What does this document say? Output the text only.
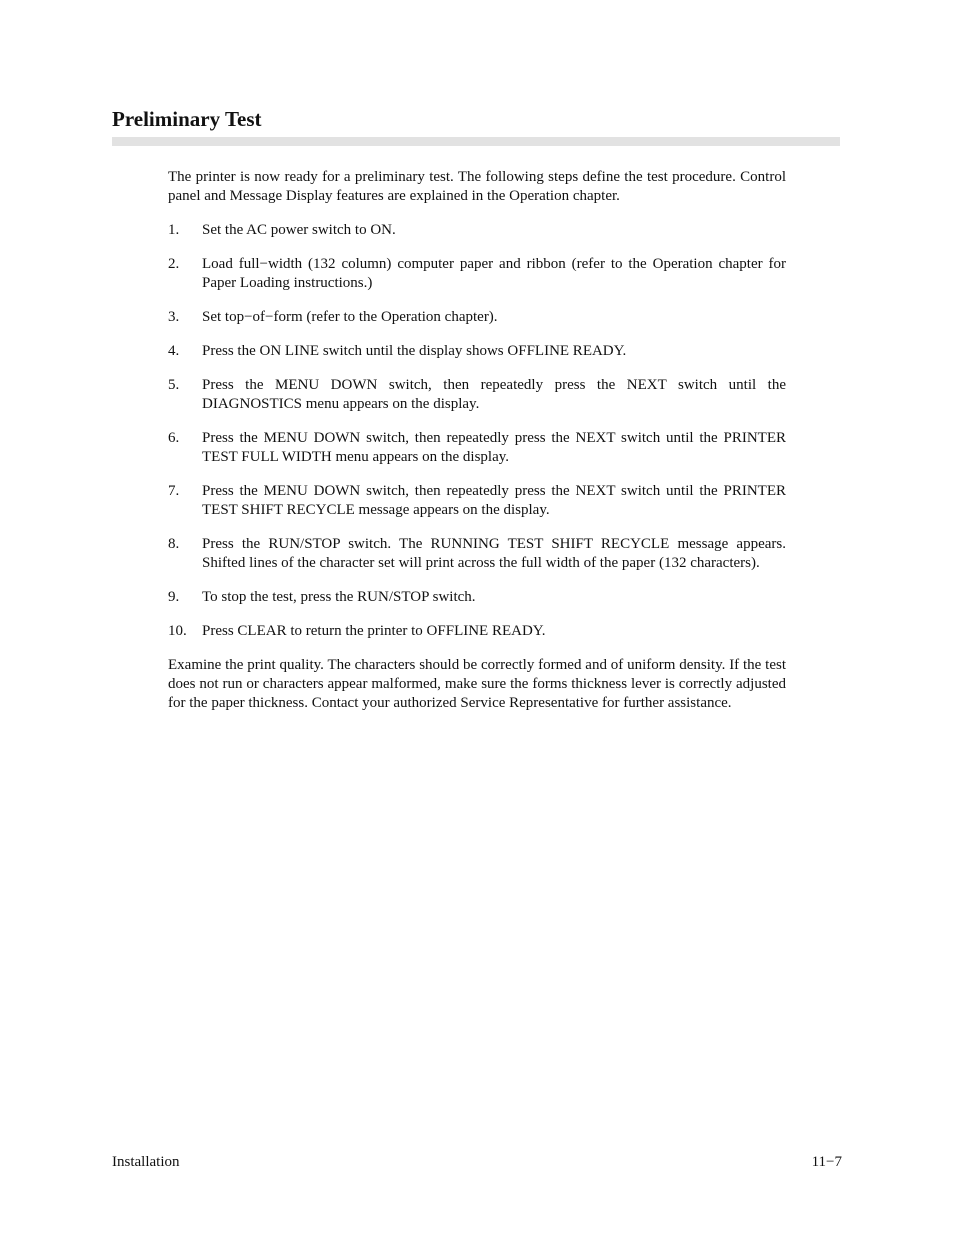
Preliminary Test

The printer is now ready for a preliminary test. The following steps define the test procedure. Control panel and Message Display features are explained in the Operation chapter.

1.	Set the AC power switch to ON.
2.	Load full−width (132 column) computer paper and ribbon (refer to the Operation chapter for Paper Loading instructions.)
3.	Set top−of−form (refer to the Operation chapter).
4.	Press the ON LINE switch until the display shows OFFLINE READY.
5.	Press the MENU DOWN switch, then repeatedly press the NEXT switch until the DIAGNOSTICS menu appears on the display.
6.	Press the MENU DOWN switch, then repeatedly press the NEXT switch until the PRINTER TEST FULL WIDTH menu appears on the display.
7.	Press the MENU DOWN switch, then repeatedly press the NEXT switch until the PRINTER TEST SHIFT RECYCLE message appears on the display.
8.	Press the RUN/STOP switch. The RUNNING TEST SHIFT RECYCLE message appears. Shifted lines of the character set will print across the full width of the paper (132 characters).
9.	To stop the test, press the RUN/STOP switch.
10.	Press CLEAR to return the printer to OFFLINE READY.

Examine the print quality. The characters should be correctly formed and of uniform density. If the test does not run or characters appear malformed, make sure the forms thickness lever is correctly adjusted for the paper thickness. Contact your authorized Service Representative for further assistance.

Installation	11−7
